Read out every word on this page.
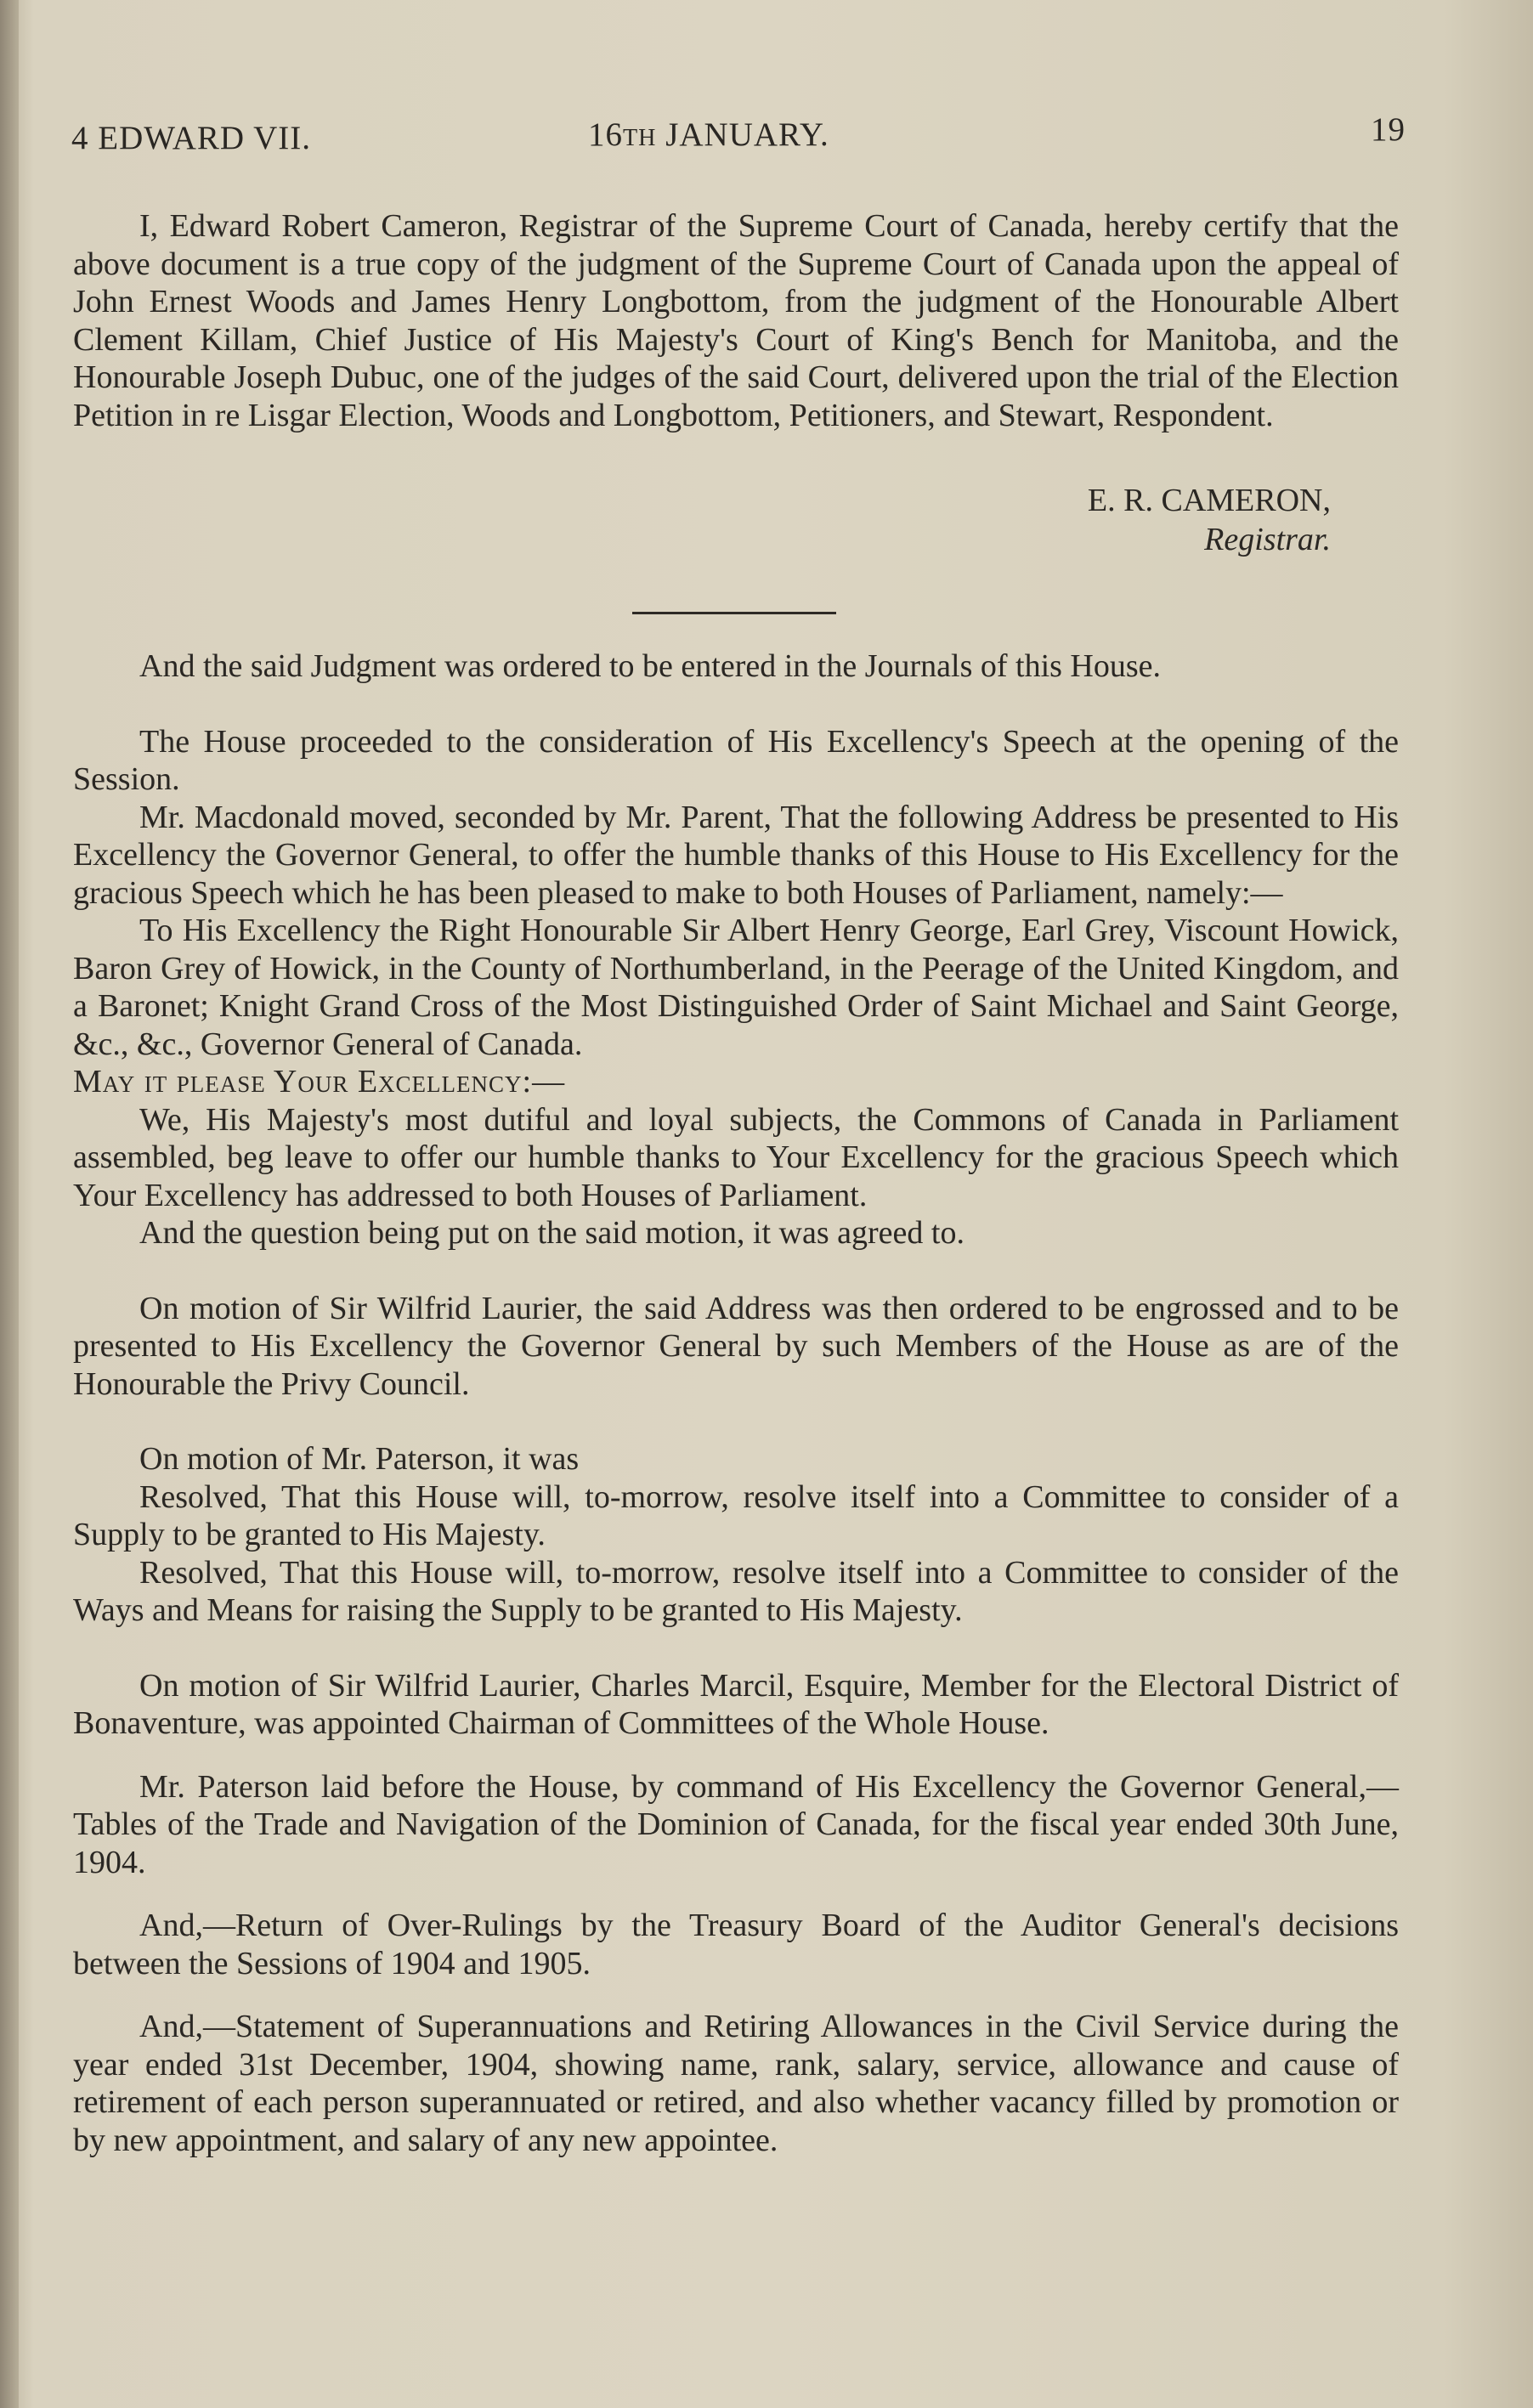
4 EDWARD VII.	16TH JANUARY.	19

I, Edward Robert Cameron, Registrar of the Supreme Court of Canada, hereby certify that the above document is a true copy of the judgment of the Supreme Court of Canada upon the appeal of John Ernest Woods and James Henry Longbottom, from the judgment of the Honourable Albert Clement Killam, Chief Justice of His Majesty's Court of King's Bench for Manitoba, and the Honourable Joseph Dubuc, one of the judges of the said Court, delivered upon the trial of the Election Petition in re Lisgar Election, Woods and Longbottom, Petitioners, and Stewart, Respondent.

E. R. CAMERON,
Registrar.

And the said Judgment was ordered to be entered in the Journals of this House.

The House proceeded to the consideration of His Excellency's Speech at the opening of the Session.

Mr. Macdonald moved, seconded by Mr. Parent, That the following Address be presented to His Excellency the Governor General, to offer the humble thanks of this House to His Excellency for the gracious Speech which he has been pleased to make to both Houses of Parliament, namely:—

To His Excellency the Right Honourable Sir Albert Henry George, Earl Grey, Viscount Howick, Baron Grey of Howick, in the County of Northumberland, in the Peerage of the United Kingdom, and a Baronet; Knight Grand Cross of the Most Distinguished Order of Saint Michael and Saint George, &c., &c., Governor General of Canada.

May it please Your Excellency:—

We, His Majesty's most dutiful and loyal subjects, the Commons of Canada in Parliament assembled, beg leave to offer our humble thanks to Your Excellency for the gracious Speech which Your Excellency has addressed to both Houses of Parliament.

And the question being put on the said motion, it was agreed to.

On motion of Sir Wilfrid Laurier, the said Address was then ordered to be engrossed and to be presented to His Excellency the Governor General by such Members of the House as are of the Honourable the Privy Council.

On motion of Mr. Paterson, it was

Resolved, That this House will, to-morrow, resolve itself into a Committee to consider of a Supply to be granted to His Majesty.

Resolved, That this House will, to-morrow, resolve itself into a Committee to consider of the Ways and Means for raising the Supply to be granted to His Majesty.

On motion of Sir Wilfrid Laurier, Charles Marcil, Esquire, Member for the Electoral District of Bonaventure, was appointed Chairman of Committees of the Whole House.

Mr. Paterson laid before the House, by command of His Excellency the Governor General,—Tables of the Trade and Navigation of the Dominion of Canada, for the fiscal year ended 30th June, 1904.

And,—Return of Over-Rulings by the Treasury Board of the Auditor General's decisions between the Sessions of 1904 and 1905.

And,—Statement of Superannuations and Retiring Allowances in the Civil Service during the year ended 31st December, 1904, showing name, rank, salary, service, allowance and cause of retirement of each person superannuated or retired, and also whether vacancy filled by promotion or by new appointment, and salary of any new appointee.
